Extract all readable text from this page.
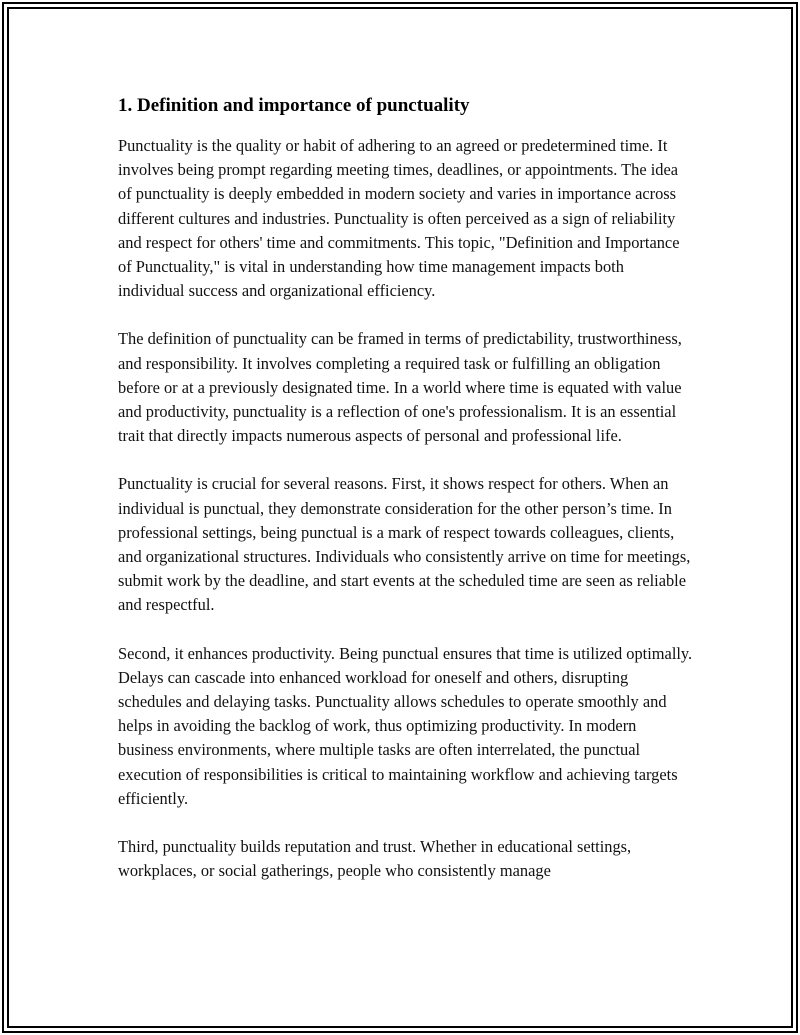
1. Definition and importance of punctuality

Punctuality is the quality or habit of adhering to an agreed or predetermined time. It involves being prompt regarding meeting times, deadlines, or appointments. The idea of punctuality is deeply embedded in modern society and varies in importance across different cultures and industries. Punctuality is often perceived as a sign of reliability and respect for others' time and commitments. This topic, "Definition and Importance of Punctuality," is vital in understanding how time management impacts both individual success and organizational efficiency.

The definition of punctuality can be framed in terms of predictability, trustworthiness, and responsibility. It involves completing a required task or fulfilling an obligation before or at a previously designated time. In a world where time is equated with value and productivity, punctuality is a reflection of one's professionalism. It is an essential trait that directly impacts numerous aspects of personal and professional life.

Punctuality is crucial for several reasons. First, it shows respect for others. When an individual is punctual, they demonstrate consideration for the other person’s time. In professional settings, being punctual is a mark of respect towards colleagues, clients, and organizational structures. Individuals who consistently arrive on time for meetings, submit work by the deadline, and start events at the scheduled time are seen as reliable and respectful.

Second, it enhances productivity. Being punctual ensures that time is utilized optimally. Delays can cascade into enhanced workload for oneself and others, disrupting schedules and delaying tasks. Punctuality allows schedules to operate smoothly and helps in avoiding the backlog of work, thus optimizing productivity. In modern business environments, where multiple tasks are often interrelated, the punctual execution of responsibilities is critical to maintaining workflow and achieving targets efficiently.

Third, punctuality builds reputation and trust. Whether in educational settings, workplaces, or social gatherings, people who consistently manage
